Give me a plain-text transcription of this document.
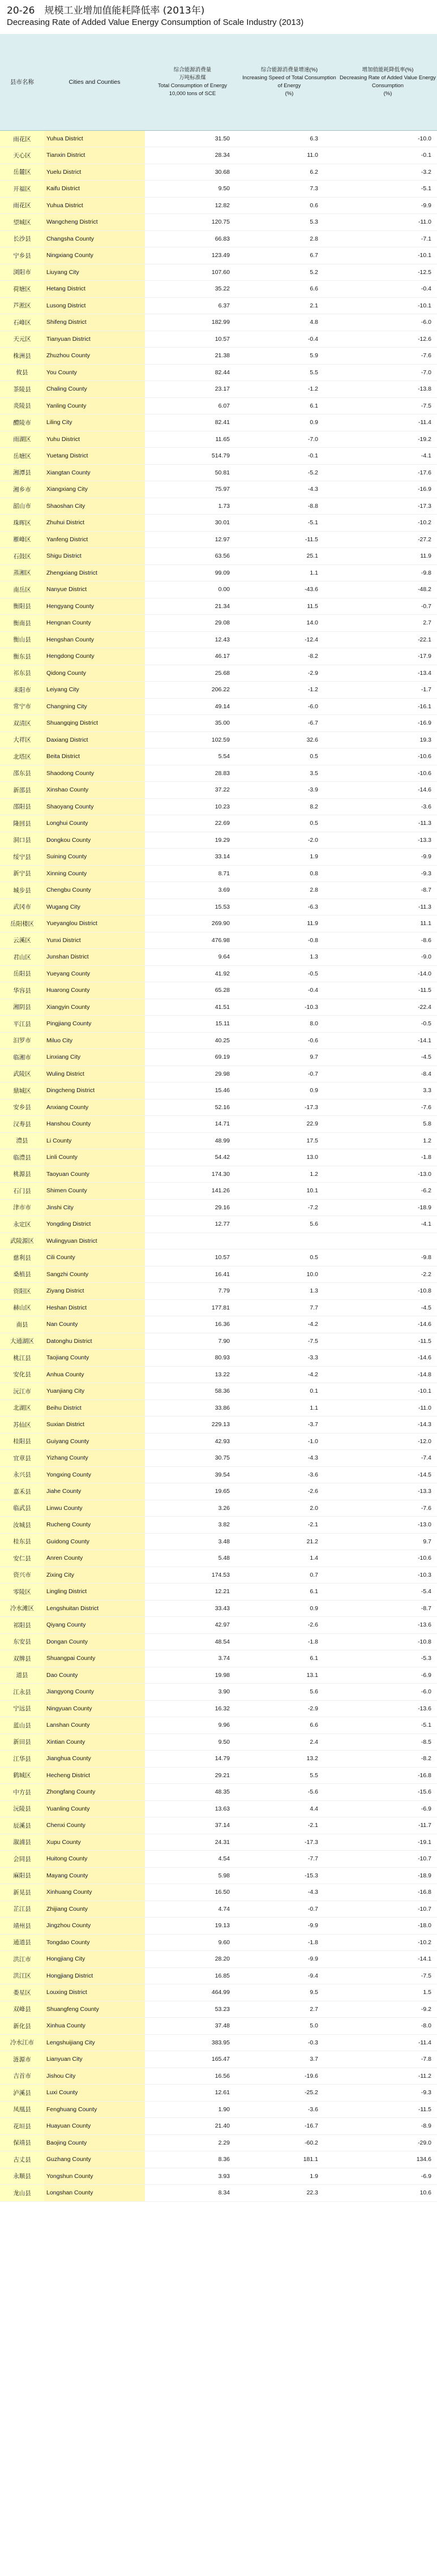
20-26　规模工业增加值能耗降低率 (2013年)
Decreasing Rate of Added Value Energy Consumption of Scale Industry (2013)
县市名称	Cities and Counties	综合能源消费量
万吨标准煤
Total Consumption of Energy
10,000 tons of SCE	综合能源消费量增速(%)
Increasing Speed of Total Consumption of Energy
(%)	增加值能耗降低率(%)
Decreasing Rate of Added Value Energy Consumption
(%)

雨花区	Yuhua District	31.50	6.3	-10.0
天心区	Tianxin District	28.34	11.0	-0.1
岳麓区	Yuelu District	30.68	6.2	-3.2
开福区	Kaifu District	9.50	7.3	-5.1
雨花区	Yuhua District	12.82	0.6	-9.9
望城区	Wangcheng District	120.75	5.3	-11.0
长沙县	Changsha County	66.83	2.8	-7.1
宁乡县	Ningxiang County	123.49	6.7	-10.1
浏阳市	Liuyang City	107.60	5.2	-12.5
荷塘区	Hetang District	35.22	6.6	-0.4
芦淞区	Lusong District	6.37	2.1	-10.1
石峰区	Shifeng District	182.99	4.8	-6.0
天元区	Tianyuan District	10.57	-0.4	-12.6
株洲县	Zhuzhou County	21.38	5.9	-7.6
攸县	You County	82.44	5.5	-7.0
茶陵县	Chaling County	23.17	-1.2	-13.8
炎陵县	Yanling County	6.07	6.1	-7.5
醴陵市	Liling City	82.41	0.9	-11.4
雨湖区	Yuhu District	11.65	-7.0	-19.2
岳塘区	Yuetang District	514.79	-0.1	-4.1
湘潭县	Xiangtan County	50.81	-5.2	-17.6
湘乡市	Xiangxiang City	75.97	-4.3	-16.9
韶山市	Shaoshan City	1.73	-8.8	-17.3
珠晖区	Zhuhui District	30.01	-5.1	-10.2
雁峰区	Yanfeng District	12.97	-11.5	-27.2
石鼓区	Shigu District	63.56	25.1	11.9
蒸湘区	Zhengxiang District	99.09	1.1	-9.8
南岳区	Nanyue District	0.00	-43.6	-48.2
衡阳县	Hengyang County	21.34	11.5	-0.7
衡南县	Hengnan County	29.08	14.0	2.7
衡山县	Hengshan County	12.43	-12.4	-22.1
衡东县	Hengdong County	46.17	-8.2	-17.9
祁东县	Qidong County	25.68	-2.9	-13.4
耒阳市	Leiyang City	206.22	-1.2	-1.7
常宁市	Changning City	49.14	-6.0	-16.1
双清区	Shuangqing District	35.00	-6.7	-16.9
大祥区	Daxiang District	102.59	32.6	19.3
北塔区	Beita District	5.54	0.5	-10.6
邵东县	Shaodong County	28.83	3.5	-10.6
新邵县	Xinshao County	37.22	-3.9	-14.6
邵阳县	Shaoyang County	10.23	8.2	-3.6
隆回县	Longhui County	22.69	0.5	-11.3
洞口县	Dongkou County	19.29	-2.0	-13.3
绥宁县	Suining County	33.14	1.9	-9.9
新宁县	Xinning County	8.71	0.8	-9.3
城步县	Chengbu County	3.69	2.8	-8.7
武冈市	Wugang City	15.53	-6.3	-11.3
岳阳楼区	Yueyanglou District	269.90	11.9	11.1
云溪区	Yunxi District	476.98	-0.8	-8.6
君山区	Junshan District	9.64	1.3	-9.0
岳阳县	Yueyang County	41.92	-0.5	-14.0
华容县	Huarong County	65.28	-0.4	-11.5
湘阴县	Xiangyin County	41.51	-10.3	-22.4
平江县	Pingjiang County	15.11	8.0	-0.5
汨罗市	Miluo City	40.25	-0.6	-14.1
临湘市	Linxiang City	69.19	9.7	-4.5
武陵区	Wuling District	29.98	-0.7	-8.4
鼎城区	Dingcheng District	15.46	0.9	3.3
安乡县	Anxiang County	52.16	-17.3	-7.6
汉寿县	Hanshou County	14.71	22.9	5.8
澧县	Li County	48.99	17.5	1.2
临澧县	Linli County	54.42	13.0	-1.8
桃源县	Taoyuan County	174.30	1.2	-13.0
石门县	Shimen County	141.26	10.1	-6.2
津市市	Jinshi City	29.16	-7.2	-18.9
永定区	Yongding District	12.77	5.6	-4.1
武陵源区	Wulingyuan District			
慈利县	Cili County	10.57	0.5	-9.8
桑植县	Sangzhi County	16.41	10.0	-2.2
资阳区	Ziyang District	7.79	1.3	-10.8
赫山区	Heshan District	177.81	7.7	-4.5
南县	Nan County	16.36	-4.2	-14.6
大通湖区	Datonghu District	7.90	-7.5	-11.5
桃江县	Taojiang County	80.93	-3.3	-14.6
安化县	Anhua County	13.22	-4.2	-14.8
沅江市	Yuanjiang City	58.36	0.1	-10.1
北湖区	Beihu District	33.86	1.1	-11.0
苏仙区	Suxian District	229.13	-3.7	-14.3
桂阳县	Guiyang County	42.93	-1.0	-12.0
宜章县	Yizhang County	30.75	-4.3	-7.4
永兴县	Yongxing County	39.54	-3.6	-14.5
嘉禾县	Jiahe County	19.65	-2.6	-13.3
临武县	Linwu County	3.26	2.0	-7.6
汝城县	Rucheng County	3.82	-2.1	-13.0
桂东县	Guidong County	3.48	21.2	9.7
安仁县	Anren County	5.48	1.4	-10.6
资兴市	Zixing City	174.53	0.7	-10.3
零陵区	Lingling District	12.21	6.1	-5.4
冷水滩区	Lengshuitan District	33.43	0.9	-8.7
祁阳县	Qiyang County	42.97	-2.6	-13.6
东安县	Dongan County	48.54	-1.8	-10.8
双牌县	Shuangpai County	3.74	6.1	-5.3
道县	Dao County	19.98	13.1	-6.9
江永县	Jiangyong County	3.90	5.6	-6.0
宁远县	Ningyuan County	16.32	-2.9	-13.6
蓝山县	Lanshan County	9.96	6.6	-5.1
新田县	Xintian County	9.50	2.4	-8.5
江华县	Jianghua County	14.79	13.2	-8.2
鹤城区	Hecheng District	29.21	5.5	-16.8
中方县	Zhongfang County	48.35	-5.6	-15.6
沅陵县	Yuanling County	13.63	4.4	-6.9
辰溪县	Chenxi County	37.14	-2.1	-11.7
溆浦县	Xupu County	24.31	-17.3	-19.1
会同县	Huitong County	4.54	-7.7	-10.7
麻阳县	Mayang County	5.98	-15.3	-18.9
新晃县	Xinhuang County	16.50	-4.3	-16.8
芷江县	Zhijiang County	4.74	-0.7	-10.7
靖州县	Jingzhou County	19.13	-9.9	-18.0
通道县	Tongdao County	9.60	-1.8	-10.2
洪江市	Hongjiang City	28.20	-9.9	-14.1
洪江区	Hongjiang District	16.85	-9.4	-7.5
娄星区	Louxing District	464.99	9.5	1.5
双峰县	Shuangfeng County	53.23	2.7	-9.2
新化县	Xinhua County	37.48	5.0	-8.0
冷水江市	Lengshuijiang City	383.95	-0.3	-11.4
涟源市	Lianyuan City	165.47	3.7	-7.8
吉首市	Jishou City	16.56	-19.6	-11.2
泸溪县	Luxi County	12.61	-25.2	-9.3
凤凰县	Fenghuang County	1.90	-3.6	-11.5
花垣县	Huayuan County	21.40	-16.7	-8.9
保靖县	Baojing County	2.29	-60.2	-29.0
古丈县	Guzhang County	8.36	181.1	134.6
永顺县	Yongshun County	3.93	1.9	-6.9
龙山县	Longshan County	8.34	22.3	10.6
